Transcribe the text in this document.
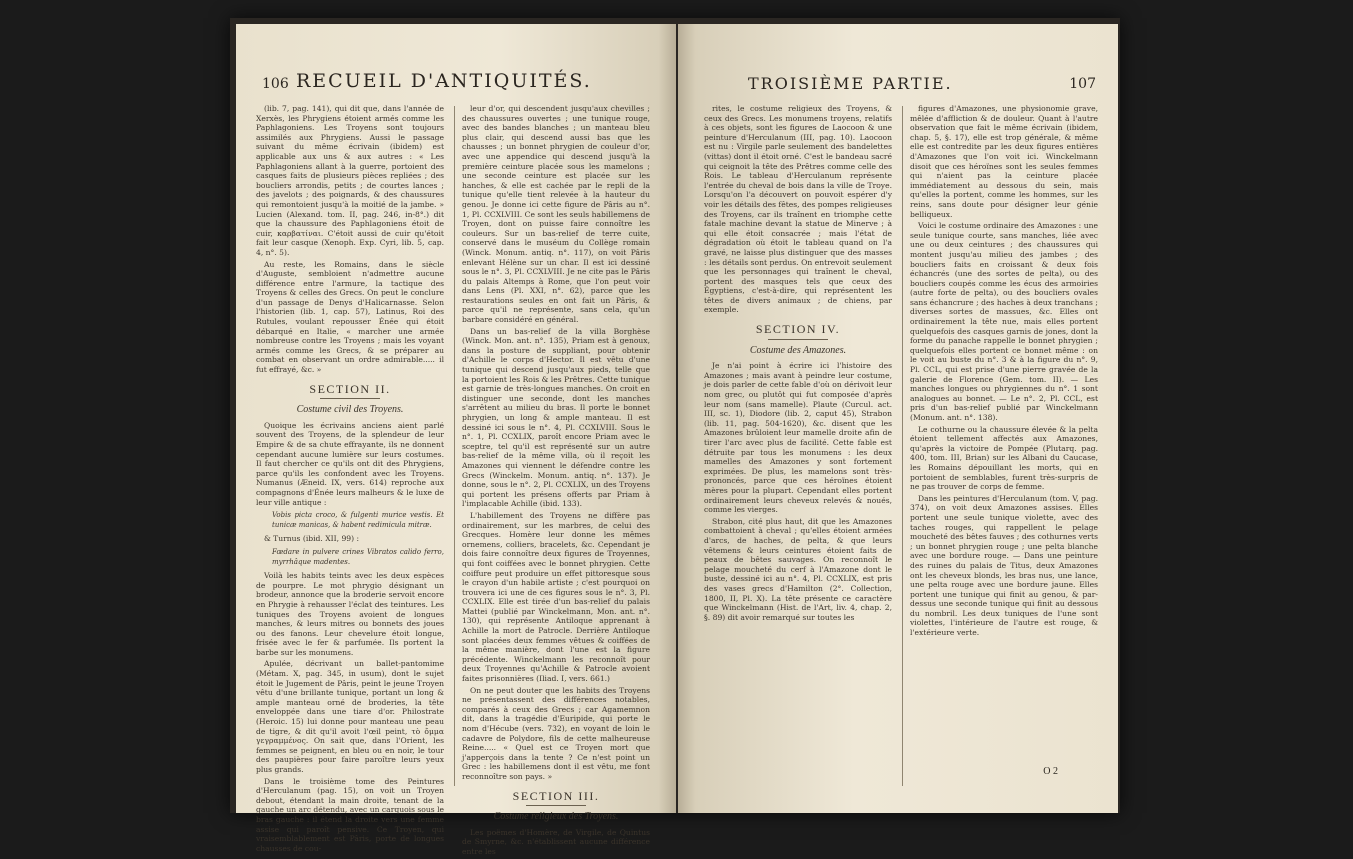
106 RECUEIL D'ANTIQUITÉS.

(lib. 7, pag. 141), qui dit que, dans l'année de Xerxès, les Phrygiens étoient armés comme les Paphlagoniens. Les Troyens sont toujours assimilés aux Phrygiens. Aussi le passage suivant du même écrivain (ibidem) est applicable aux uns & aux autres : « Les Paphlagoniens allant à la guerre, portoient des casques faits de plusieurs pièces repliées ; des boucliers arrondis, petits ; de courtes lances ; des javelots ; des poignards, & des chaussures qui remontoient jusqu'à la moitié de la jambe. » Lucien (Alexand. tom. II, pag. 246, in-8°.) dit que la chaussure des Paphlagoniens étoit de cuir, καρβατίναι. C'étoit aussi de cuir qu'étoit fait leur casque (Xenoph. Exp. Cyri, lib. 5, cap. 4, n°. 5).

Au reste, les Romains, dans le siècle d'Auguste, sembloient n'admettre aucune différence entre l'armure, la tactique des Troyens & celles des Grecs. On peut le conclure d'un passage de Denys d'Halicarnasse. Selon l'historien (lib. 1, cap. 57), Latinus, Roi des Rutules, voulant repousser Énée qui étoit débarqué en Italie, « marcher une armée nombreuse contre les Troyens ; mais les voyant armés comme les Grecs, & se préparer au combat en observant un ordre admirable..... il fut effrayé, &c. »

SECTION II.
Costume civil des Troyens.

Quoique les écrivains anciens aient parlé souvent des Troyens, de la splendeur de leur Empire & de sa chute effrayante, ils ne donnent cependant aucune lumière sur leurs costumes. Il faut chercher ce qu'ils ont dit des Phrygiens, parce qu'ils les confondent avec les Troyens. Numanus (Æneid. IX, vers. 614) reproche aux compagnons d'Énée leurs malheurs & le luxe de leur ville antique :

Vobis picta croco, & fulgenti murice vestis. Et tunicæ manicas, & habent redimicula mitræ.

& Turnus (ibid. XII, 99) :

Fœdare in pulvere crines Vibratos calido ferro, myrrhâque madentes.

Voilà les habits teints avec les deux espèces de pourpre. Le mot phrygio désignant un brodeur, annonce que la broderie servoit encore en Phrygie à rehausser l'éclat des teintures. Les tuniques des Troyens avoient de longues manches, & leurs mitres ou bonnets des joues ou des fanons. Leur chevelure étoit longue, frisée avec le fer & parfumée. Ils portent la barbe sur les monumens.

Apulée, décrivant un ballet-pantomime (Métam. X, pag. 345, in usum), dont le sujet étoit le Jugement de Pâris, peint le jeune Troyen vêtu d'une brillante tunique, portant un long & ample manteau orné de broderies, la tête enveloppée dans une tiare d'or. Philostrate (Heroic. 15) lui donne pour manteau une peau de tigre, & dit qu'il avoit l'œil peint, τὸ ὄμμα γεγραμμένος. On sait que, dans l'Orient, les femmes se peignent, en bleu ou en noir, le tour des paupières pour faire paroître leurs yeux plus grands.

Dans le troisième tome des Peintures d'Herculanum (pag. 15), on voit un Troyen debout, étendant la main droite, tenant de la gauche un arc détendu, avec un carquois sous le bras gauche : il étend la droite vers une femme assise qui paroît pensive. Ce Troyen, qui vraisemblablement est Pâris, porte de longues chausses de cou-

leur d'or, qui descendent jusqu'aux chevilles ; des chaussures ouvertes ; une tunique rouge, avec des bandes blanches ; un manteau bleu plus clair, qui descend aussi bas que les chausses ; un bonnet phrygien de couleur d'or, avec une appendice qui descend jusqu'à la première ceinture placée sous les mamelons ; une seconde ceinture est placée sur les hanches, & elle est cachée par le repli de la tunique qu'elle tient relevée à la hauteur du genou. Je donne ici cette figure de Pâris au n°. 1, Pl. CCXLVIII. Ce sont les seuls habillemens de Troyen, dont on puisse faire connoître les couleurs. Sur un bas-relief de terre cuite, conservé dans le muséum du Collège romain (Winck. Monum. antiq. n°. 117), on voit Pâris enlevant Hélène sur un char. Il est ici dessiné sous le n°. 3, Pl. CCXLVIII. Je ne cite pas le Pâris du palais Altemps à Rome, que l'on peut voir dans Lens (Pl. XXI, n°. 62), parce que les restaurations seules en ont fait un Pâris, & parce qu'il ne représente, sans cela, qu'un barbare considéré en général.

Dans un bas-relief de la villa Borghèse (Winck. Mon. ant. n°. 135), Priam est à genoux, dans la posture de suppliant, pour obtenir d'Achille le corps d'Hector. Il est vêtu d'une tunique qui descend jusqu'aux pieds, telle que la portoient les Rois & les Prêtres. Cette tunique est garnie de très-longues manches. On croit en distinguer une seconde, dont les manches s'arrêtent au milieu du bras. Il porte le bonnet phrygien, un long & ample manteau. Il est dessiné ici sous le n°. 4, Pl. CCXLVIII. Sous le n°. 1, Pl. CCXLIX, paroît encore Priam avec le sceptre, tel qu'il est représenté sur un autre bas-relief de la même villa, où il reçoit les Amazones qui viennent le défendre contre les Grecs (Winckelm. Monum. antiq. n°. 137). Je donne, sous le n°. 2, Pl. CCXLIX, un des Troyens qui portent les présens offerts par Priam à l'implacable Achille (ibid. 133).

L'habillement des Troyens ne diffère pas ordinairement, sur les marbres, de celui des Grecques. Homère leur donne les mêmes ornemens, colliers, bracelets, &c. Cependant je dois faire connoître deux figures de Troyennes, qui font coiffées avec le bonnet phrygien. Cette coiffure peut produire un effet pittoresque sous le crayon d'un habile artiste ; c'est pourquoi on trouvera ici une de ces figures sous le n°. 3, Pl. CCXLIX. Elle est tirée d'un bas-relief du palais Mattei (publié par Winckelmann, Mon. ant. n°. 130), qui représente Antiloque apprenant à Achille la mort de Patrocle. Derrière Antiloque sont placées deux femmes vêtues & coiffées de la même manière, dont l'une est la figure précédente. Winckelmann les reconnoît pour deux Troyennes qu'Achille & Patrocle avoient faites prisonnières (Iliad. I, vers. 661.)

On ne peut douter que les habits des Troyens ne présentassent des différences notables, comparés à ceux des Grecs ; car Agamemnon dit, dans la tragédie d'Euripide, qui porte le nom d'Hécube (vers. 732), en voyant de loin le cadavre de Polydore, fils de cette malheureuse Reine..... « Quel est ce Troyen mort que j'apperçois dans la tente ? Ce n'est point un Grec : les habillemens dont il est vêtu, me font reconnoître son pays. »

SECTION III.
Costume religieux des Troyens.

Les poëmes d'Homère, de Virgile, de Quintus de Smyrne, &c. n'établissent aucune différence entre les

TROISIÈME PARTIE.	107

rites, le costume religieux des Troyens, & ceux des Grecs. Les monumens troyens, relatifs à ces objets, sont les figures de Laocoon & une peinture d'Herculanum (III, pag. 10). Laocoon est nu : Virgile parle seulement des bandelettes (vittas) dont il étoit orné. C'est le bandeau sacré qui ceignoit la tête des Prêtres comme celle des Rois. Le tableau d'Herculanum représente l'entrée du cheval de bois dans la ville de Troye. Lorsqu'on l'a découvert on pouvoit espérer d'y voir les détails des fêtes, des pompes religieuses des Troyens, car ils traînent en triomphe cette fatale machine devant la statue de Minerve ; à qui elle étoit consacrée ; mais l'état de dégradation où étoit le tableau quand on l'a gravé, ne laisse plus distinguer que des masses : les détails sont perdus. On entrevoit seulement que les personnages qui traînent le cheval, portent des masques tels que ceux des Égyptiens, c'est-à-dire, qui représentent les têtes de divers animaux ; de chiens, par exemple.

SECTION IV.
Costume des Amazones.

Je n'ai point à écrire ici l'histoire des Amazones ; mais avant à peindre leur costume, je dois parler de cette fable d'où on dérivoit leur nom grec, ou plutôt qui fut composée d'après leur nom (sans mamelle). Plaute (Curcul. act. III, sc. 1), Diodore (lib. 2, caput 45), Strabon (lib. 11, pag. 504-1620), &c. disent que les Amazones brûloient leur mamelle droite afin de tirer l'arc avec plus de facilité. Cette fable est détruite par tous les monumens : les deux mamelles des Amazones y sont fortement exprimées. De plus, les mamelons sont très-prononcés, parce que ces héroïnes étoient mères pour la plupart. Cependant elles portent ordinairement leurs cheveux relevés & noués, comme les vierges.

Strabon, cité plus haut, dit que les Amazones combattoient à cheval ; qu'elles étoient armées d'arcs, de haches, de pelta, & que leurs vêtemens & leurs ceintures étoient faits de peaux de bêtes sauvages. On reconnoît le pelage moucheté du cerf à l'Amazone dont le buste, dessiné ici au n°. 4, Pl. CCXLIX, est pris des vases grecs d'Hamilton (2°. Collection, 1800, II, Pl. X). La tête présente ce caractère que Winckelmann (Hist. de l'Art, liv. 4, chap. 2, §. 89) dit avoir remarqué sur toutes les

figures d'Amazones, une physionomie grave, mêlée d'affliction & de douleur. Quant à l'autre observation que fait le même écrivain (ibidem, chap. 5, §. 17), elle est trop générale, & même elle est contredite par les deux figures entières d'Amazones que l'on voit ici. Winckelmann disoit que ces héroïnes sont les seules femmes qui n'aient pas la ceinture placée immédiatement au dessous du sein, mais qu'elles la portent, comme les hommes, sur les reins, sans doute pour désigner leur génie belliqueux.

Voici le costume ordinaire des Amazones : une seule tunique courte, sans manches, liée avec une ou deux ceintures ; des chaussures qui montent jusqu'au milieu des jambes ; des boucliers faits en croissant & deux fois échancrés (une des sortes de pelta), ou des boucliers coupés comme les écus des armoiries (autre forte de pelta), ou des boucliers ovales sans échancrure ; des haches à deux tranchans ; diverses sortes de massues, &c. Elles ont ordinairement la tête nue, mais elles portent quelquefois des casques garnis de jones, dont la forme du panache rappelle le bonnet phrygien ; quelquefois elles portent ce bonnet même : on le voit au buste du n°. 3 & à la figure du n°. 9, Pl. CCL, qui est prise d'une pierre gravée de la galerie de Florence (Gem. tom. II). — Les manches longues ou phrygiennes du n°. 1 sont analogues au bonnet. — Le n°. 2, Pl. CCL, est pris d'un bas-relief publié par Winckelmann (Monum. ant. n°. 138).

Le cothurne ou la chaussure élevée & la pelta étoient tellement affectés aux Amazones, qu'après la victoire de Pompée (Plutarq. pag. 400, tom. III, Brian) sur les Albani du Caucase, les Romains dépouillant les morts, qui en portoient de semblables, furent très-surpris de ne pas trouver de corps de femme.

Dans les peintures d'Herculanum (tom. V, pag. 374), on voit deux Amazones assises. Elles portent une seule tunique violette, avec des taches rouges, qui rappellent le pelage moucheté des bêtes fauves ; des cothurnes verts ; un bonnet phrygien rouge ; une pelta blanche avec une bordure rouge. — Dans une peinture des ruines du palais de Titus, deux Amazones ont les cheveux blonds, les bras nus, une lance, une pelta rouge avec une bordure jaune. Elles portent une tunique qui finit au genou, & par-dessus une seconde tunique qui finit au dessous du nombril. Les deux tuniques de l'une sont violettes, l'intérieure de l'autre est rouge, & l'extérieure verte.

O 2
